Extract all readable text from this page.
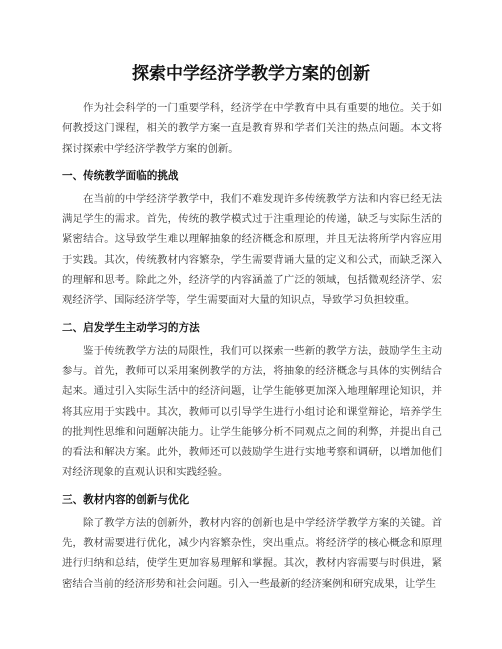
探索中学经济学教学方案的创新

作为社会科学的一门重要学科，经济学在中学教育中具有重要的地位。关于如何教授这门课程，相关的教学方案一直是教育界和学者们关注的热点问题。本文将探讨探索中学经济学教学方案的创新。

一、传统教学面临的挑战

在当前的中学经济学教学中，我们不难发现许多传统教学方法和内容已经无法满足学生的需求。首先，传统的教学模式过于注重理论的传递，缺乏与实际生活的紧密结合。这导致学生难以理解抽象的经济概念和原理，并且无法将所学内容应用于实践。其次，传统教材内容繁杂，学生需要背诵大量的定义和公式，而缺乏深入的理解和思考。除此之外，经济学的内容涵盖了广泛的领域，包括微观经济学、宏观经济学、国际经济学等，学生需要面对大量的知识点，导致学习负担较重。

二、启发学生主动学习的方法

鉴于传统教学方法的局限性，我们可以探索一些新的教学方法，鼓励学生主动参与。首先，教师可以采用案例教学的方法，将抽象的经济概念与具体的实例结合起来。通过引入实际生活中的经济问题，让学生能够更加深入地理解理论知识，并将其应用于实践中。其次，教师可以引导学生进行小组讨论和课堂辩论，培养学生的批判性思维和问题解决能力。让学生能够分析不同观点之间的利弊，并提出自己的看法和解决方案。此外，教师还可以鼓励学生进行实地考察和调研，以增加他们对经济现象的直观认识和实践经验。

三、教材内容的创新与优化

除了教学方法的创新外，教材内容的创新也是中学经济学教学方案的关键。首先，教材需要进行优化，减少内容繁杂性，突出重点。将经济学的核心概念和原理进行归纳和总结，使学生更加容易理解和掌握。其次，教材内容需要与时俱进，紧密结合当前的经济形势和社会问题。引入一些最新的经济案例和研究成果，让学生
